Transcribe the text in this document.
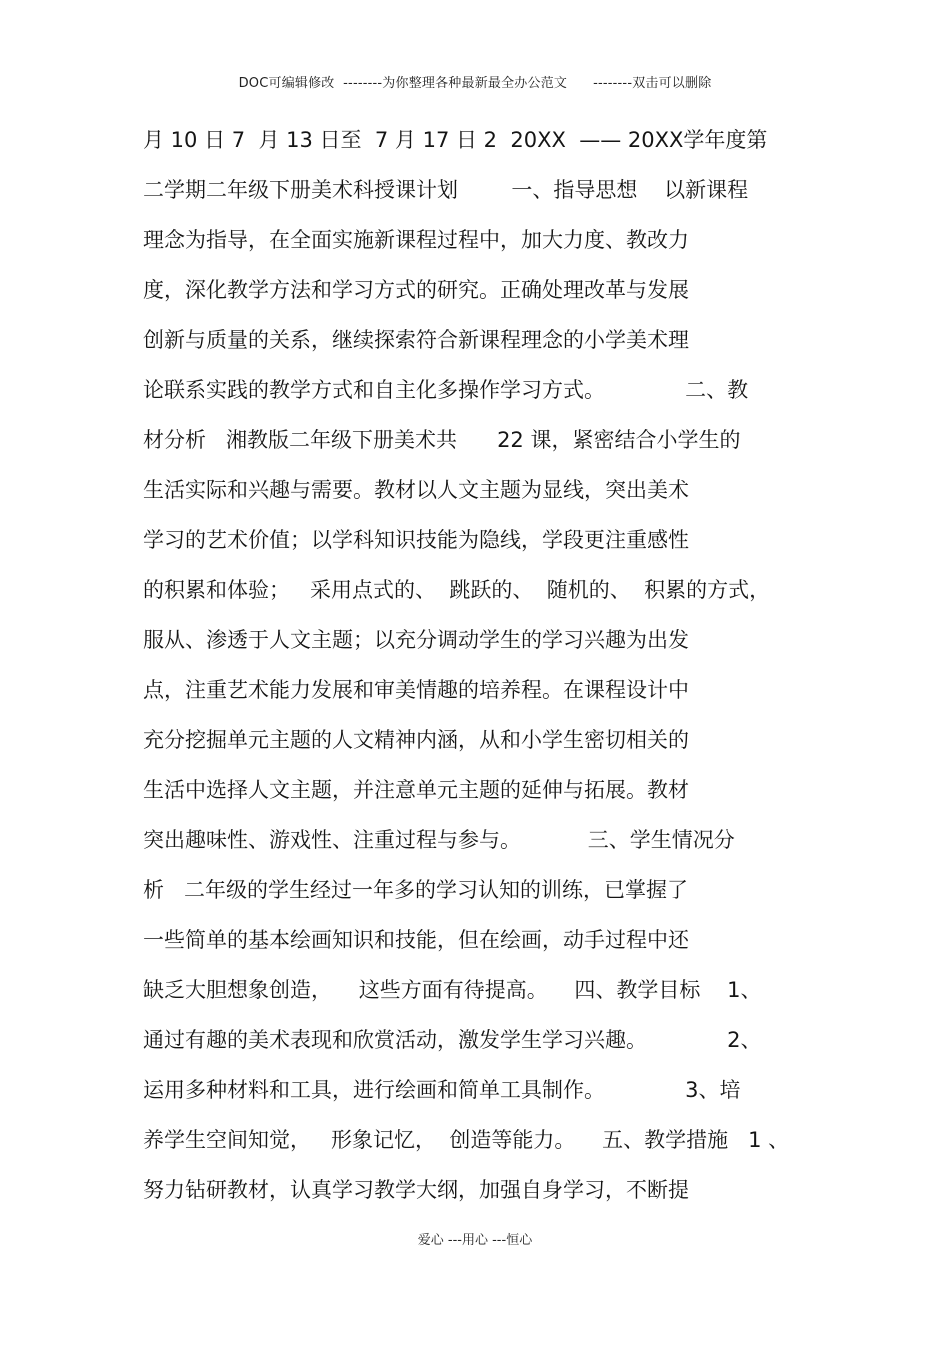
DOC可编辑修改  --------为你整理各种最新最全办公范文      --------双击可以删除
月 10 日 7  月 13 日至  7 月 17 日 2  20XX  —— 20XX学年度第
二学期二年级下册美术科授课计划        一、指导思想    以新课程
理念为指导，在全面实施新课程过程中，加大力度、教改力
度，深化教学方法和学习方式的研究。正确处理改革与发展
创新与质量的关系，继续探索符合新课程理念的小学美术理
论联系实践的教学方式和自主化多操作学习方式。            二、教
材分析   湘教版二年级下册美术共      22 课，紧密结合小学生的
生活实际和兴趣与需要。教材以人文主题为显线，突出美术
学习的艺术价值；以学科知识技能为隐线，学段更注重感性
的积累和体验；   采用点式的、  跳跃的、  随机的、  积累的方式，
服从、渗透于人文主题；以充分调动学生的学习兴趣为出发
点，注重艺术能力发展和审美情趣的培养程。在课程设计中
充分挖掘单元主题的人文精神内涵，从和小学生密切相关的
生活中选择人文主题，并注意单元主题的延伸与拓展。教材
突出趣味性、游戏性、注重过程与参与。          三、学生情况分
析   二年级的学生经过一年多的学习认知的训练，已掌握了
一些简单的基本绘画知识和技能，但在绘画，动手过程中还
缺乏大胆想象创造，    这些方面有待提高。    四、教学目标    1、
通过有趣的美术表现和欣赏活动，激发学生学习兴趣。            2、
运用多种材料和工具，进行绘画和简单工具制作。            3、培
养学生空间知觉，   形象记忆，  创造等能力。    五、教学措施   1 、
努力钻研教材，认真学习教学大纲，加强自身学习，不断提
爱心 ---用心 ---恒心
